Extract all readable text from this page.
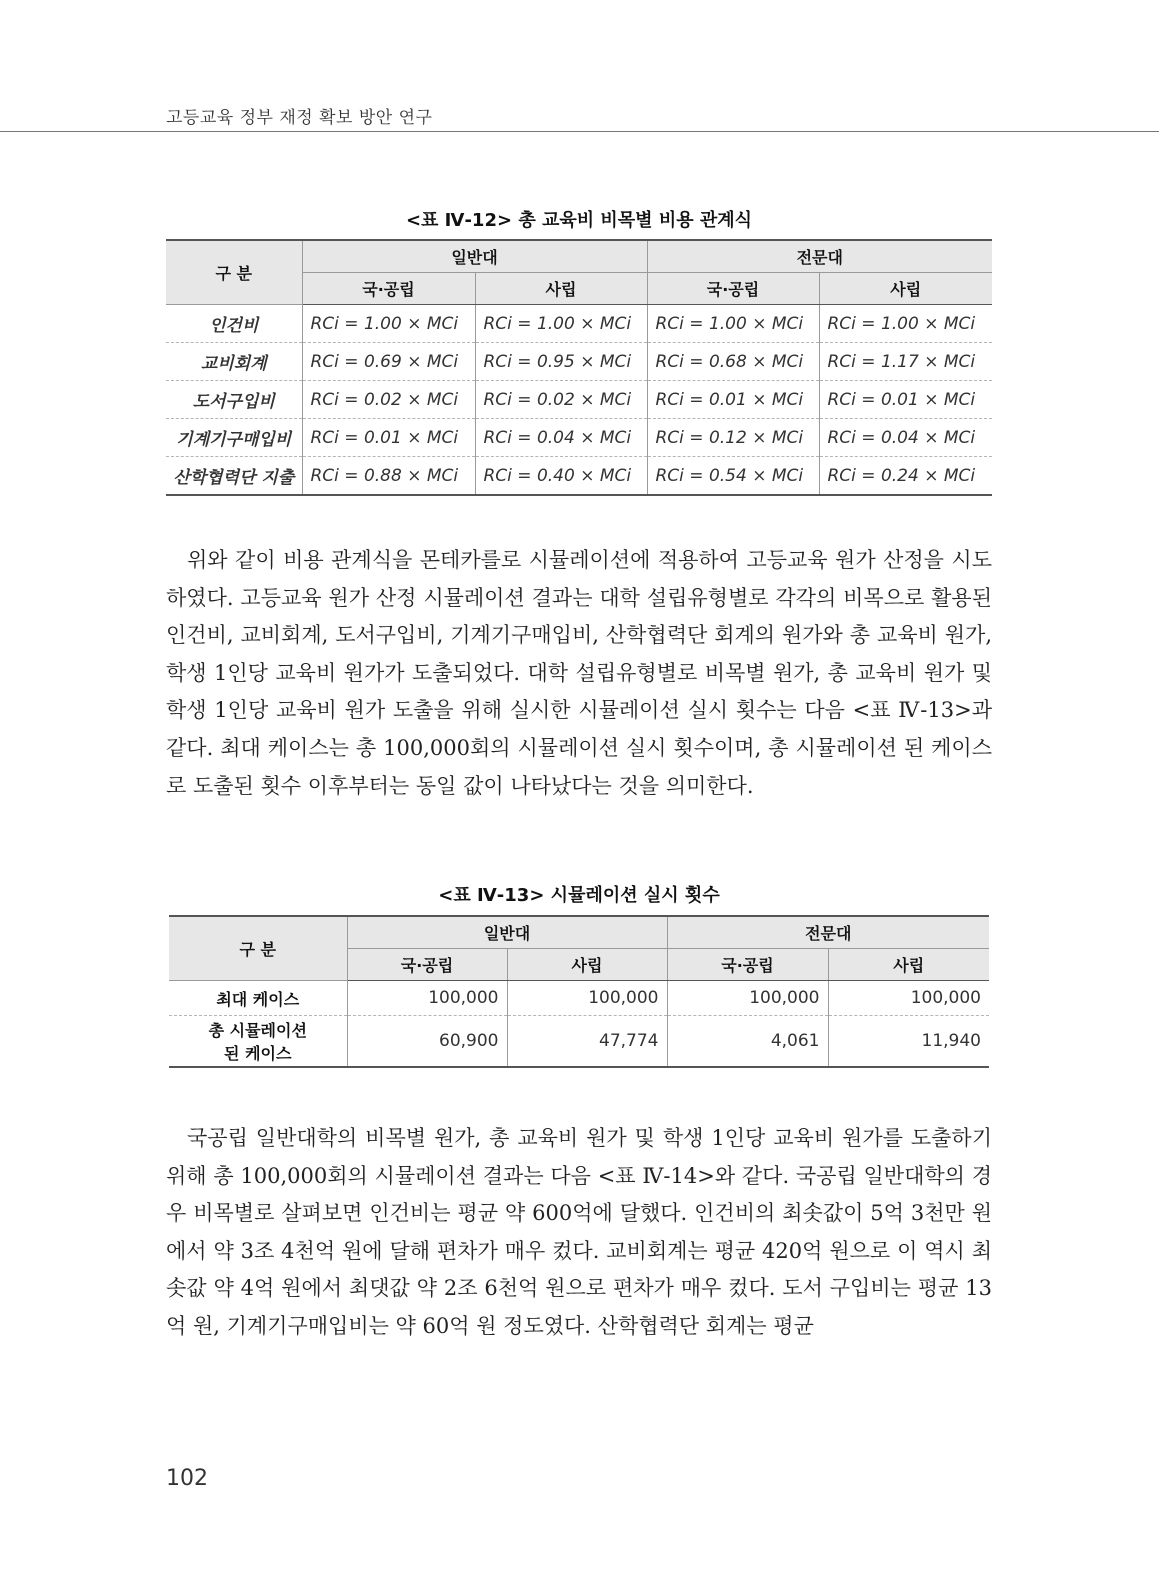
고등교육 정부 재정 확보 방안 연구
<표 Ⅳ-12> 총 교육비 비목별 비용 관계식
구 분	일반대		전문대	
	국·공립	사립	국·공립	사립
인건비	RCi = 1.00 × MCi	RCi = 1.00 × MCi	RCi = 1.00 × MCi	RCi = 1.00 × MCi
교비회계	RCi = 0.69 × MCi	RCi = 0.95 × MCi	RCi = 0.68 × MCi	RCi = 1.17 × MCi
도서구입비	RCi = 0.02 × MCi	RCi = 0.02 × MCi	RCi = 0.01 × MCi	RCi = 0.01 × MCi
기계기구매입비	RCi = 0.01 × MCi	RCi = 0.04 × MCi	RCi = 0.12 × MCi	RCi = 0.04 × MCi
산학협력단 지출	RCi = 0.88 × MCi	RCi = 0.40 × MCi	RCi = 0.54 × MCi	RCi = 0.24 × MCi

위와 같이 비용 관계식을 몬테카를로 시뮬레이션에 적용하여 고등교육 원가 산정을 시도하였다. 고등교육 원가 산정 시뮬레이션 결과는 대학 설립유형별로 각각의 비목으로 활용된 인건비, 교비회계, 도서구입비, 기계기구매입비, 산학협력단 회계의 원가와 총 교육비 원가, 학생 1인당 교육비 원가가 도출되었다. 대학 설립유형별로 비목별 원가, 총 교육비 원가 및 학생 1인당 교육비 원가 도출을 위해 실시한 시뮬레이션 실시 횟수는 다음 <표 Ⅳ-13>과 같다. 최대 케이스는 총 100,000회의 시뮬레이션 실시 횟수이며, 총 시뮬레이션 된 케이스로 도출된 횟수 이후부터는 동일 값이 나타났다는 것을 의미한다.

<표 Ⅳ-13> 시뮬레이션 실시 횟수
구 분	일반대		전문대	
	국·공립	사립	국·공립	사립
최대 케이스	100,000	100,000	100,000	100,000
총 시뮬레이션
된 케이스	60,900	47,774	4,061	11,940

국공립 일반대학의 비목별 원가, 총 교육비 원가 및 학생 1인당 교육비 원가를 도출하기 위해 총 100,000회의 시뮬레이션 결과는 다음 <표 Ⅳ-14>와 같다. 국공립 일반대학의 경우 비목별로 살펴보면 인건비는 평균 약 600억에 달했다. 인건비의 최솟값이 5억 3천만 원에서 약 3조 4천억 원에 달해 편차가 매우 컸다. 교비회계는 평균 420억 원으로 이 역시 최솟값 약 4억 원에서 최댓값 약 2조 6천억 원으로 편차가 매우 컸다. 도서 구입비는 평균 13억 원, 기계기구매입비는 약 60억 원 정도였다. 산학협력단 회계는 평균

102
